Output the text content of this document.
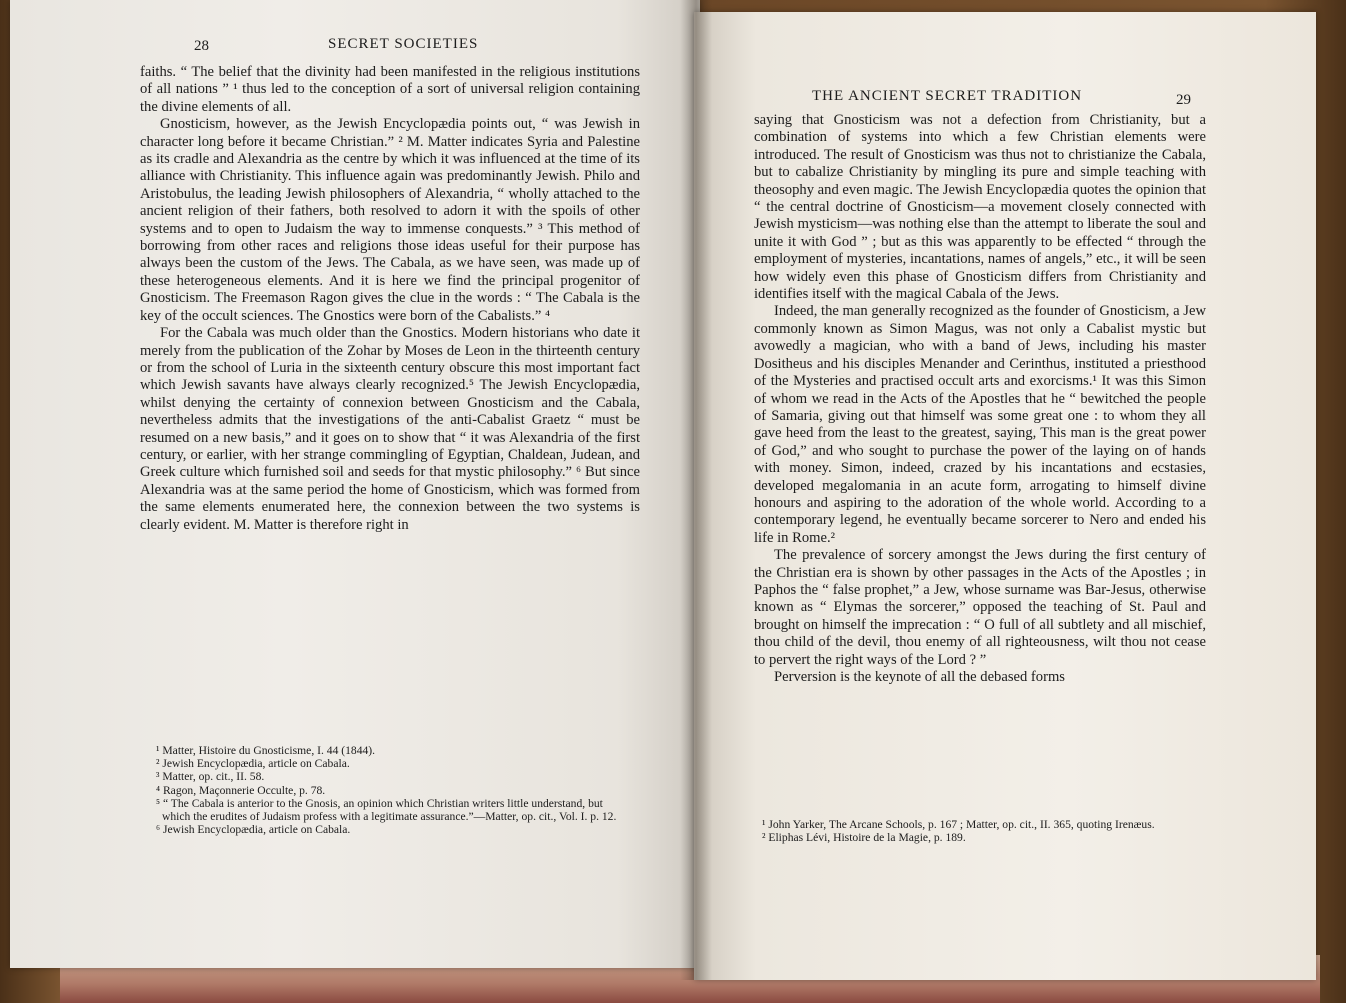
28	SECRET SOCIETIES

faiths. “ The belief that the divinity had been manifested in the religious institutions of all nations ” ¹ thus led to the conception of a sort of universal religion containing the divine elements of all.

Gnosticism, however, as the Jewish Encyclopædia points out, “ was Jewish in character long before it became Christian.” ² M. Matter indicates Syria and Palestine as its cradle and Alexandria as the centre by which it was influenced at the time of its alliance with Christianity. This influence again was predominantly Jewish. Philo and Aristobulus, the leading Jewish philosophers of Alexandria, “ wholly attached to the ancient religion of their fathers, both resolved to adorn it with the spoils of other systems and to open to Judaism the way to immense conquests.” ³ This method of borrowing from other races and religions those ideas useful for their purpose has always been the custom of the Jews. The Cabala, as we have seen, was made up of these heterogeneous elements. And it is here we find the principal progenitor of Gnosticism. The Freemason Ragon gives the clue in the words : “ The Cabala is the key of the occult sciences. The Gnostics were born of the Cabalists.” ⁴

For the Cabala was much older than the Gnostics. Modern historians who date it merely from the publication of the Zohar by Moses de Leon in the thirteenth century or from the school of Luria in the sixteenth century obscure this most important fact which Jewish savants have always clearly recognized.⁵ The Jewish Encyclopædia, whilst denying the certainty of connexion between Gnosticism and the Cabala, nevertheless admits that the investigations of the anti-Cabalist Graetz “ must be resumed on a new basis,” and it goes on to show that “ it was Alexandria of the first century, or earlier, with her strange commingling of Egyptian, Chaldean, Judean, and Greek culture which furnished soil and seeds for that mystic philosophy.” ⁶ But since Alexandria was at the same period the home of Gnosticism, which was formed from the same elements enumerated here, the connexion between the two systems is clearly evident. M. Matter is therefore right in

¹ Matter, Histoire du Gnosticisme, I. 44 (1844).
² Jewish Encyclopædia, article on Cabala.
³ Matter, op. cit., II. 58.
⁴ Ragon, Maçonnerie Occulte, p. 78.
⁵ “ The Cabala is anterior to the Gnosis, an opinion which Christian writers little understand, but which the erudites of Judaism profess with a legitimate assurance.”—Matter, op. cit., Vol. I. p. 12.
⁶ Jewish Encyclopædia, article on Cabala.
THE ANCIENT SECRET TRADITION	29

saying that Gnosticism was not a defection from Christianity, but a combination of systems into which a few Christian elements were introduced. The result of Gnosticism was thus not to christianize the Cabala, but to cabalize Christianity by mingling its pure and simple teaching with theosophy and even magic. The Jewish Encyclopædia quotes the opinion that “ the central doctrine of Gnosticism—a movement closely connected with Jewish mysticism—was nothing else than the attempt to liberate the soul and unite it with God ” ; but as this was apparently to be effected “ through the employment of mysteries, incantations, names of angels,” etc., it will be seen how widely even this phase of Gnosticism differs from Christianity and identifies itself with the magical Cabala of the Jews.

Indeed, the man generally recognized as the founder of Gnosticism, a Jew commonly known as Simon Magus, was not only a Cabalist mystic but avowedly a magician, who with a band of Jews, including his master Dositheus and his disciples Menander and Cerinthus, instituted a priesthood of the Mysteries and practised occult arts and exorcisms.¹ It was this Simon of whom we read in the Acts of the Apostles that he “ bewitched the people of Samaria, giving out that himself was some great one : to whom they all gave heed from the least to the greatest, saying, This man is the great power of God,” and who sought to purchase the power of the laying on of hands with money. Simon, indeed, crazed by his incantations and ecstasies, developed megalomania in an acute form, arrogating to himself divine honours and aspiring to the adoration of the whole world. According to a contemporary legend, he eventually became sorcerer to Nero and ended his life in Rome.²

The prevalence of sorcery amongst the Jews during the first century of the Christian era is shown by other passages in the Acts of the Apostles ; in Paphos the “ false prophet,” a Jew, whose surname was Bar-Jesus, otherwise known as “ Elymas the sorcerer,” opposed the teaching of St. Paul and brought on himself the imprecation : “ O full of all subtlety and all mischief, thou child of the devil, thou enemy of all righteousness, wilt thou not cease to pervert the right ways of the Lord ? ”

Perversion is the keynote of all the debased forms

¹ John Yarker, The Arcane Schools, p. 167 ; Matter, op. cit., II. 365, quoting Irenæus.
² Eliphas Lévi, Histoire de la Magie, p. 189.
